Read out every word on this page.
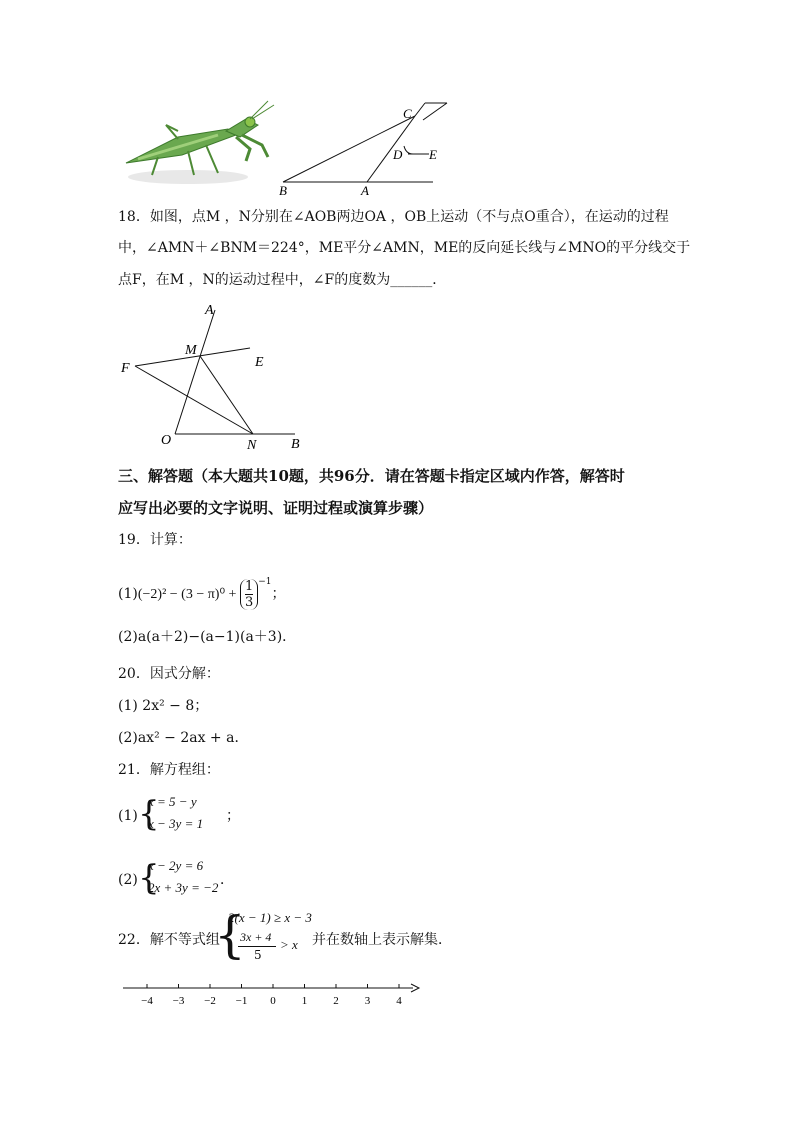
C
D E
B	A
18．如图，点M ，N分别在∠AOB两边OA ，OB上运动（不与点O重合），在运动的过程
中，∠AMN＋∠BNM＝224°，ME平分∠AMN，ME的反向延长线与∠MNO的平分线交于
点F，在M ，N的运动过程中，∠F的度数为______．
A
M
E
F
O	N B
三、解答题（本大题共10题，共96分．请在答题卡指定区域内作答，解答时
应写出必要的文字说明、证明过程或演算步骤）
19．计算：
$(1)(-2)^2 - (3 - \pi)^0 + \frac{1}{3} ^{-1}$；
(2)a(a＋2)−(a−1)(a＋3)．
20．因式分解：
(1) 2x² − 8；
(2)ax² − 2ax + a．
21．解方程组：
(1) {
x = 5 − y
x − 3y = 1 ；
(2) {
x − 2y = 6
2x + 3y = −2 ．
22．解不等式组
{
2(x − 1) ≥ x − 3
3x + 4
5
> x 并在数轴上表示解集．
−4 −3 −2 −1 0 1 2 3 4
